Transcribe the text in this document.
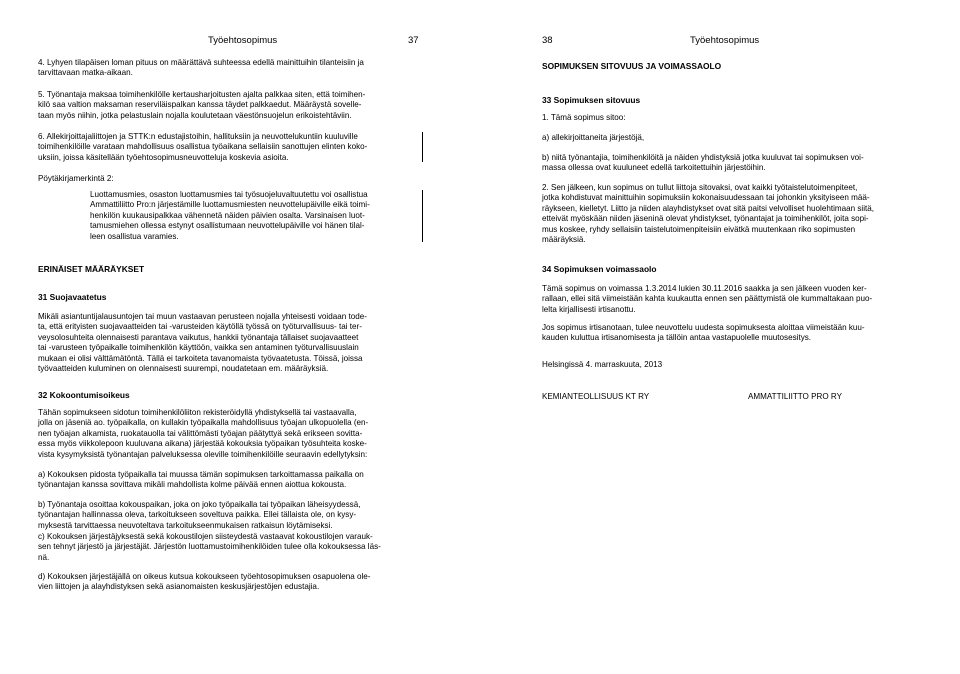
Työehtosopimus	37

4. Lyhyen tilapäisen loman pituus on määrättävä suhteessa edellä mainittuihin tilanteisiin ja

tarvittavaan matka-aikaan.

5. Työnantaja maksaa toimihenkilölle kertausharjoitusten ajalta palkkaa siten, että toimihen-

kilö saa valtion maksaman reserviläispalkan kanssa täydet palkkaedut. Määräystä sovelle-

taan myös niihin, jotka pelastuslain nojalla koulutetaan väestönsuojelun erikoistehtäviin.

6. Allekirjoittajaliittojen ja STTK:n edustajistoihin, hallituksiin ja neuvottelukuntiin kuuluville

toimihenkilöille varataan mahdollisuus osallistua työaikana sellaisiin sanottujen elinten koko-

uksiin, joissa käsitellään työehtosopimusneuvotteluja koskevia asioita.

Pöytäkirjamerkintä 2:

Luottamusmies, osaston luottamusmies tai työsuojeluvaltuutettu voi osallistua

Ammattiliitto Pro:n järjestämille luottamusmiesten neuvottelupäiville eikä toimi-

henkilön kuukausipalkkaa vähennetä näiden päivien osalta. Varsinaisen luot-

tamusmiehen ollessa estynyt osallistumaan neuvottelupäiville voi hänen tilal-

leen osallistua varamies.

ERINÄISET MÄÄRÄYKSET
31 Suojavaatetus

Mikäli asiantuntijalausuntojen tai muun vastaavan perusteen nojalla yhteisesti voidaan tode-

ta, että erityisten suojavaatteiden tai -varusteiden käytöllä työssä on työturvallisuus- tai ter-

veysolosuhteita olennaisesti parantava vaikutus, hankkii työnantaja tällaiset suojavaatteet

tai -varusteen työpaikalle toimihenkilön käyttöön, vaikka sen antaminen työturvallisuuslain

mukaan ei olisi välttämätöntä. Tällä ei tarkoiteta tavanomaista työvaatetusta. Töissä, joissa

työvaatteiden kuluminen on olennaisesti suurempi, noudatetaan em. määräyksiä.

32 Kokoontumisoikeus

Tähän sopimukseen sidotun toimihenkilöliiton rekisteröidyllä yhdistyksellä tai vastaavalla,

jolla on jäseniä ao. työpaikalla, on kullakin työpaikalla mahdollisuus työajan ulkopuolella (en-

nen työajan alkamista, ruokatauolla tai välittömästi työajan päätyttyä sekä erikseen sovitta-

essa myös viikkolepoon kuuluvana aikana) järjestää kokouksia työpaikan työsuhteita koske-

vista kysymyksistä työnantajan palveluksessa oleville toimihenkilöille seuraavin edellytyksin:

a) Kokouksen pidosta työpaikalla tai muussa tämän sopimuksen tarkoittamassa paikalla on

työnantajan kanssa sovittava mikäli mahdollista kolme päivää ennen aiottua kokousta.

b) Työnantaja osoittaa kokouspaikan, joka on joko työpaikalla tai työpaikan läheisyydessä,

työnantajan hallinnassa oleva, tarkoitukseen soveltuva paikka. Ellei tällaista ole, on kysy-

myksestä tarvittaessa neuvoteltava tarkoitukseenmukaisen ratkaisun löytämiseksi.

c) Kokouksen järjestäjyksestä sekä kokoustilojen siisteydestä vastaavat kokoustilojen varauk-

sen tehnyt järjestö ja järjestäjät. Järjestön luottamustoimihenkilöiden tulee olla kokouksessa läs-

nä.

d) Kokouksen järjestäjällä on oikeus kutsua kokoukseen työehtosopimuksen osapuolena ole-

vien liittojen ja alayhdistyksen sekä asianomaisten keskusjärjestöjen edustajia.

38	Työehtosopimus
SOPIMUKSEN SITOVUUS JA VOIMASSAOLO
33 Sopimuksen sitovuus
1. Tämä sopimus sitoo:
a) allekirjoittaneita järjestöjä,

b) niitä työnantajia, toimihenkilöitä ja näiden yhdistyksiä jotka kuuluvat tai sopimuksen voi-

massa ollessa ovat kuuluneet edellä tarkoitettuihin järjestöihin.

2. Sen jälkeen, kun sopimus on tullut liittoja sitovaksi, ovat kaikki työtaistelutoimenpiteet,

jotka kohdistuvat mainittuihin sopimuksiin kokonaisuudessaan tai johonkin yksityiseen mää-

räykseen, kielletyt. Liitto ja niiden alayhdistykset ovat sitä paitsi velvolliset huolehtimaan siitä,

etteivät myöskään niiden jäseninä olevat yhdistykset, työnantajat ja toimihenkilöt, joita sopi-

mus koskee, ryhdy sellaisiin taistelutoimenpiteisiin eivätkä muutenkaan riko sopimusten

määräyksiä.

34 Sopimuksen voimassaolo

Tämä sopimus on voimassa 1.3.2014 lukien 30.11.2016 saakka ja sen jälkeen vuoden ker-

rallaan, ellei sitä viimeistään kahta kuukautta ennen sen päättymistä ole kummaltakaan puo-

lelta kirjallisesti irtisanottu.

Jos sopimus irtisanotaan, tulee neuvottelu uudesta sopimuksesta aloittaa viimeistään kuu-

kauden kuluttua irtisanomisesta ja tällöin antaa vastapuolelle muutosesitys.

Helsingissä 4. marraskuuta, 2013
KEMIANTEOLLISUUS KT RY	AMMATTILIITTO PRO RY
